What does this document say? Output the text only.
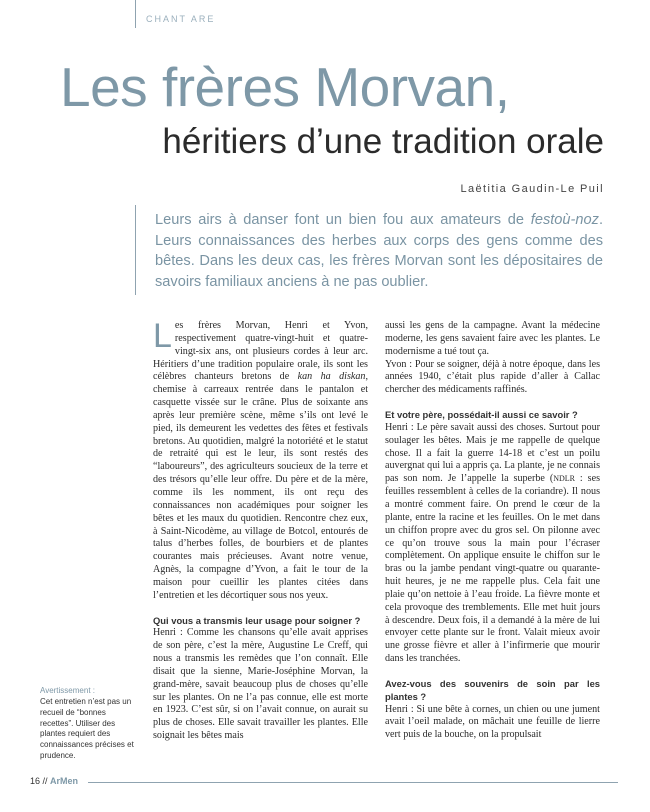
CHANT ARE
Les frères Morvan,
héritiers d’une tradition orale
Laëtitia Gaudin-Le Puil
Leurs airs à danser font un bien fou aux amateurs de festoù-noz. Leurs connaissances des herbes aux corps des gens comme des bêtes. Dans les deux cas, les frères Morvan sont les dépositaires de savoirs familiaux anciens à ne pas oublier.

Les frères Morvan, Henri et Yvon, respectivement quatre-vingt-huit et quatre-vingt-six ans, ont plusieurs cordes à leur arc. Héritiers d’une tradition populaire orale, ils sont les célèbres chanteurs bretons de kan ha diskan, chemise à carreaux rentrée dans le pantalon et casquette vissée sur le crâne. Plus de soixante ans après leur première scène, même s’ils ont levé le pied, ils demeurent les vedettes des fêtes et festivals bretons. Au quotidien, malgré la notoriété et le statut de retraité qui est le leur, ils sont restés des “laboureurs”, des agriculteurs soucieux de la terre et des trésors qu’elle leur offre. Du père et de la mère, comme ils les nomment, ils ont reçu des connaissances non académiques pour soigner les bêtes et les maux du quotidien. Rencontre chez eux, à Saint-Nicodème, au village de Botcol, entourés de talus d’herbes folles, de bourbiers et de plantes courantes mais précieuses. Avant notre venue, Agnès, la compagne d’Yvon, a fait le tour de la maison pour cueillir les plantes citées dans l’entretien et les décortiquer sous nos yeux.

Qui vous a transmis leur usage pour soigner ?

Henri : Comme les chansons qu’elle avait apprises de son père, c’est la mère, Augustine Le Creff, qui nous a transmis les remèdes que l’on connaît. Elle disait que la sienne, Marie-Joséphine Morvan, la grand-mère, savait beaucoup plus de choses qu’elle sur les plantes. On ne l’a pas connue, elle est morte en 1923. C’est sûr, si on l’avait connue, on aurait su plus de choses. Elle savait travailler les plantes. Elle soignait les bêtes mais

aussi les gens de la campagne. Avant la médecine moderne, les gens savaient faire avec les plantes. Le modernisme a tué tout ça.

Yvon : Pour se soigner, déjà à notre époque, dans les années 1940, c’était plus rapide d’aller à Callac chercher des médicaments raffinés.

Et votre père, possédait-il aussi ce savoir ?

Henri : Le père savait aussi des choses. Surtout pour soulager les bêtes. Mais je me rappelle de quelque chose. Il a fait la guerre 14-18 et c’est un poilu auvergnat qui lui a appris ça. La plante, je ne connais pas son nom. Je l’appelle la superbe (NDLR : ses feuilles ressemblent à celles de la coriandre). Il nous a montré comment faire. On prend le cœur de la plante, entre la racine et les feuilles. On le met dans un chiffon propre avec du gros sel. On pilonne avec ce qu’on trouve sous la main pour l’écraser complètement. On applique ensuite le chiffon sur le bras ou la jambe pendant vingt-quatre ou quarante-huit heures, je ne me rappelle plus. Cela fait une plaie qu’on nettoie à l’eau froide. La fièvre monte et cela provoque des tremblements. Elle met huit jours à descendre. Deux fois, il a demandé à la mère de lui envoyer cette plante sur le front. Valait mieux avoir une grosse fièvre et aller à l’infirmerie que mourir dans les tranchées.

Avez-vous des souvenirs de soin par les plantes ?

Henri : Si une bête à cornes, un chien ou une jument avait l’oeil malade, on mâchait une feuille de lierre vert puis de la bouche, on la propulsait

Avertissement :
Cet entretien n’est pas un recueil de “bonnes recettes”. Utiliser des plantes requiert des connaissances précises et prudence.
16 // ArMen
